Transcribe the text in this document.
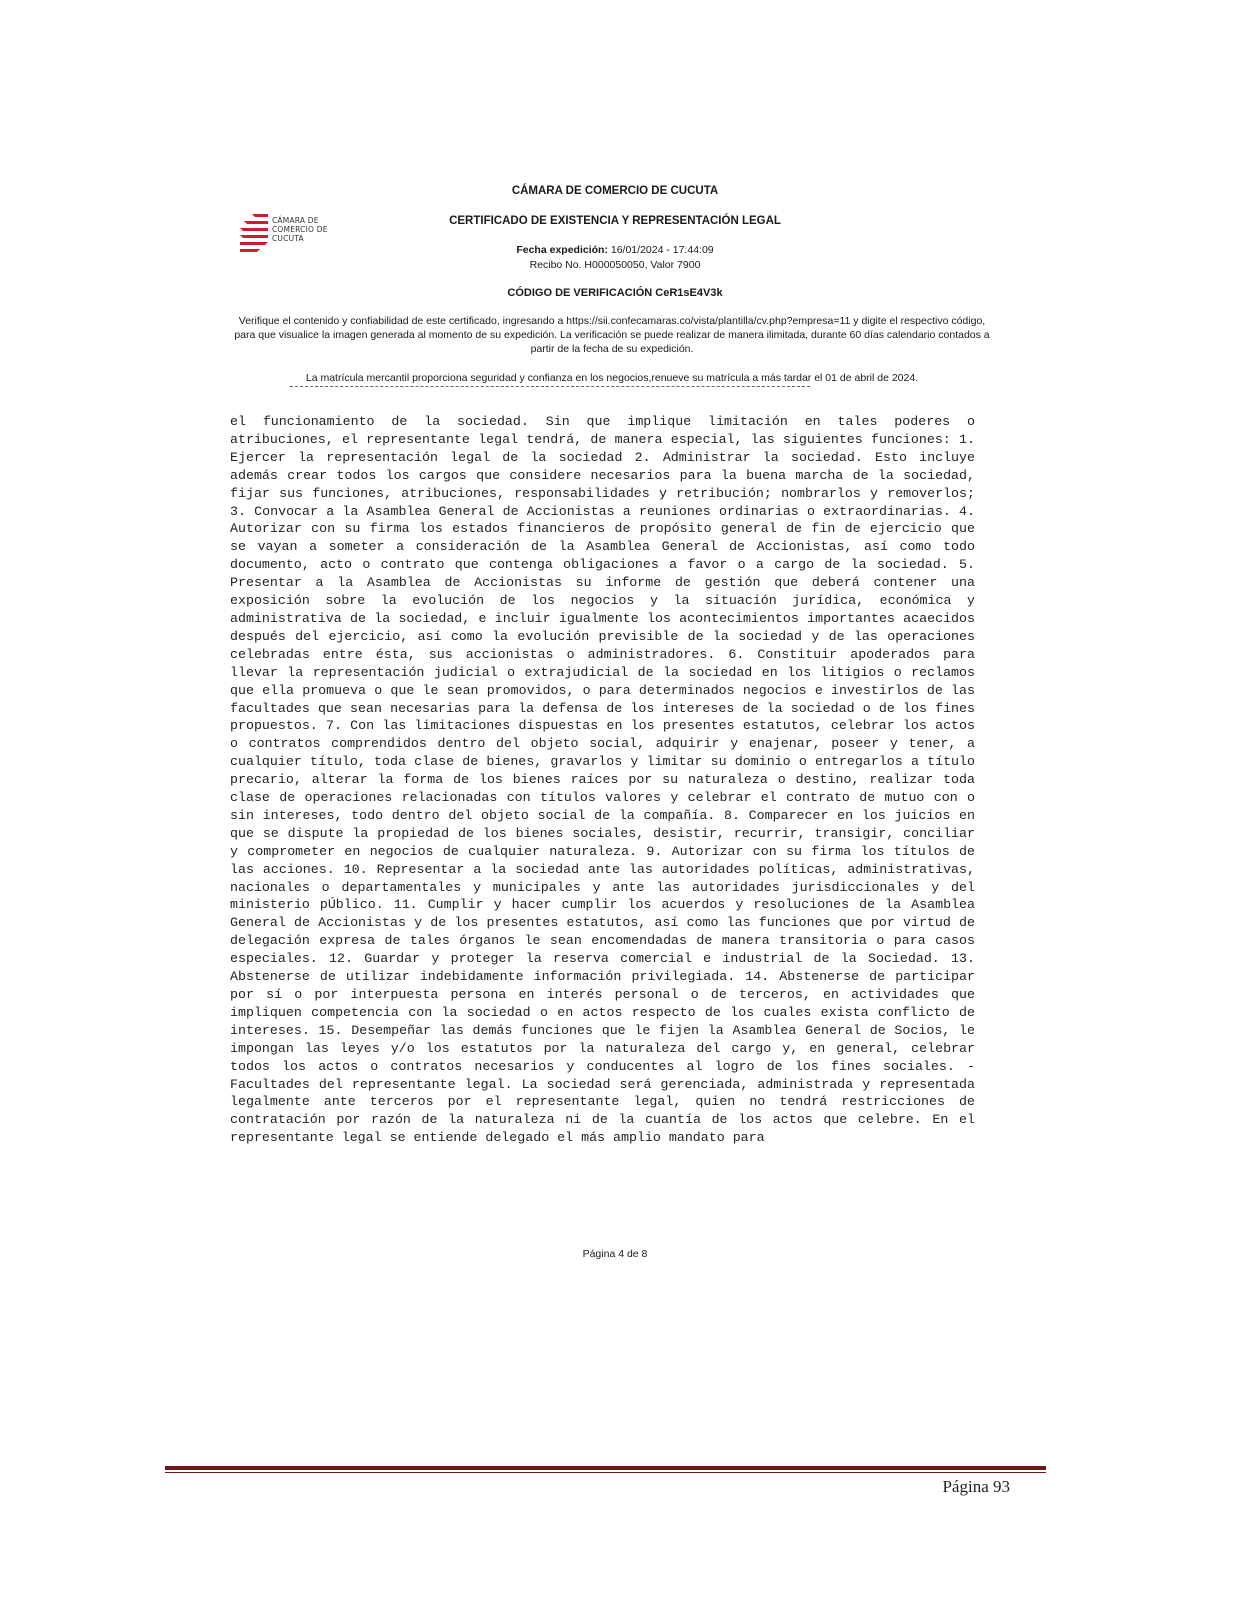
CÁMARA DE COMERCIO DE CUCUTA
CÁMARA DE COMERCIO DE CUCUTA
CERTIFICADO DE EXISTENCIA Y REPRESENTACIÓN LEGAL
Fecha expedición: 16/01/2024 - 17:44:09
Recibo No. H000050050, Valor 7900
CÓDIGO DE VERIFICACIÓN CeR1sE4V3k
Verifique el contenido y confiabilidad de este certificado, ingresando a https://sii.confecamaras.co/vista/plantilla/cv.php?empresa=11 y digite el respectivo código, para que visualice la imagen generada al momento de su expedición. La verificación se puede realizar de manera ilimitada, durante 60 días calendario contados a partir de la fecha de su expedición.
La matrícula mercantil proporciona seguridad y confianza en los negocios,renueve su matrícula a más tardar el 01 de abril de 2024.
el funcionamiento de la sociedad. Sin que implique limitación en tales poderes o atribuciones, el representante legal tendrá, de manera especial, las siguientes funciones: 1. Ejercer la representación legal de la sociedad 2. Administrar la sociedad. Esto incluye además crear todos los cargos que considere necesarios para la buena marcha de la sociedad, fijar sus funciones, atribuciones, responsabilidades y retribución; nombrarlos y removerlos; 3. Convocar a la Asamblea General de Accionistas a reuniones ordinarias o extraordinarias. 4. Autorizar con su firma los estados financieros de propósito general de fin de ejercicio que se vayan a someter a consideración de la Asamblea General de Accionistas, así como todo documento, acto o contrato que contenga obligaciones a favor o a cargo de la sociedad. 5. Presentar a la Asamblea de Accionistas su informe de gestión que deberá contener una exposición sobre la evolución de los negocios y la situación jurídica, económica y administrativa de la sociedad, e incluir igualmente los acontecimientos importantes acaecidos después del ejercicio, así como la evolución previsible de la sociedad y de las operaciones celebradas entre ésta, sus accionistas o administradores. 6. Constituir apoderados para llevar la representación judicial o extrajudicial de la sociedad en los litigios o reclamos que ella promueva o que le sean promovidos, o para determinados negocios e investirlos de las facultades que sean necesarias para la defensa de los intereses de la sociedad o de los fines propuestos. 7. Con las limitaciones dispuestas en los presentes estatutos, celebrar los actos o contratos comprendidos dentro del objeto social, adquirir y enajenar, poseer y tener, a cualquier título, toda clase de bienes, gravarlos y limitar su dominio o entregarlos a título precario, alterar la forma de los bienes raíces por su naturaleza o destino, realizar toda clase de operaciones relacionadas con títulos valores y celebrar el contrato de mutuo con o sin intereses, todo dentro del objeto social de la compañía. 8. Comparecer en los juicios en que se dispute la propiedad de los bienes sociales, desistir, recurrir, transigir, conciliar y comprometer en negocios de cualquier naturaleza. 9. Autorizar con su firma los títulos de las acciones. 10. Representar a la sociedad ante las autoridades políticas, administrativas, nacionales o departamentales y municipales y ante las autoridades jurisdiccionales y del ministerio pÚblico. 11. Cumplir y hacer cumplir los acuerdos y resoluciones de la Asamblea General de Accionistas y de los presentes estatutos, así como las funciones que por virtud de delegación expresa de tales órganos le sean encomendadas de manera transitoria o para casos especiales. 12. Guardar y proteger la reserva comercial e industrial de la Sociedad. 13. Abstenerse de utilizar indebidamente información privilegiada. 14. Abstenerse de participar por sí o por interpuesta persona en interés personal o de terceros, en actividades que impliquen competencia con la sociedad o en actos respecto de los cuales exista conflicto de intereses. 15. Desempeñar las demás funciones que le fijen la Asamblea General de Socios, le impongan las leyes y/o los estatutos por la naturaleza del cargo y, en general, celebrar todos los actos o contratos necesarios y conducentes al logro de los fines sociales. - Facultades del representante legal. La sociedad será gerenciada, administrada y representada legalmente ante terceros por el representante legal, quien no tendrá restricciones de contratación por razón de la naturaleza ni de la cuantía de los actos que celebre. En el representante legal se entiende delegado el más amplio mandato para
Página 4 de 8
Página 93
